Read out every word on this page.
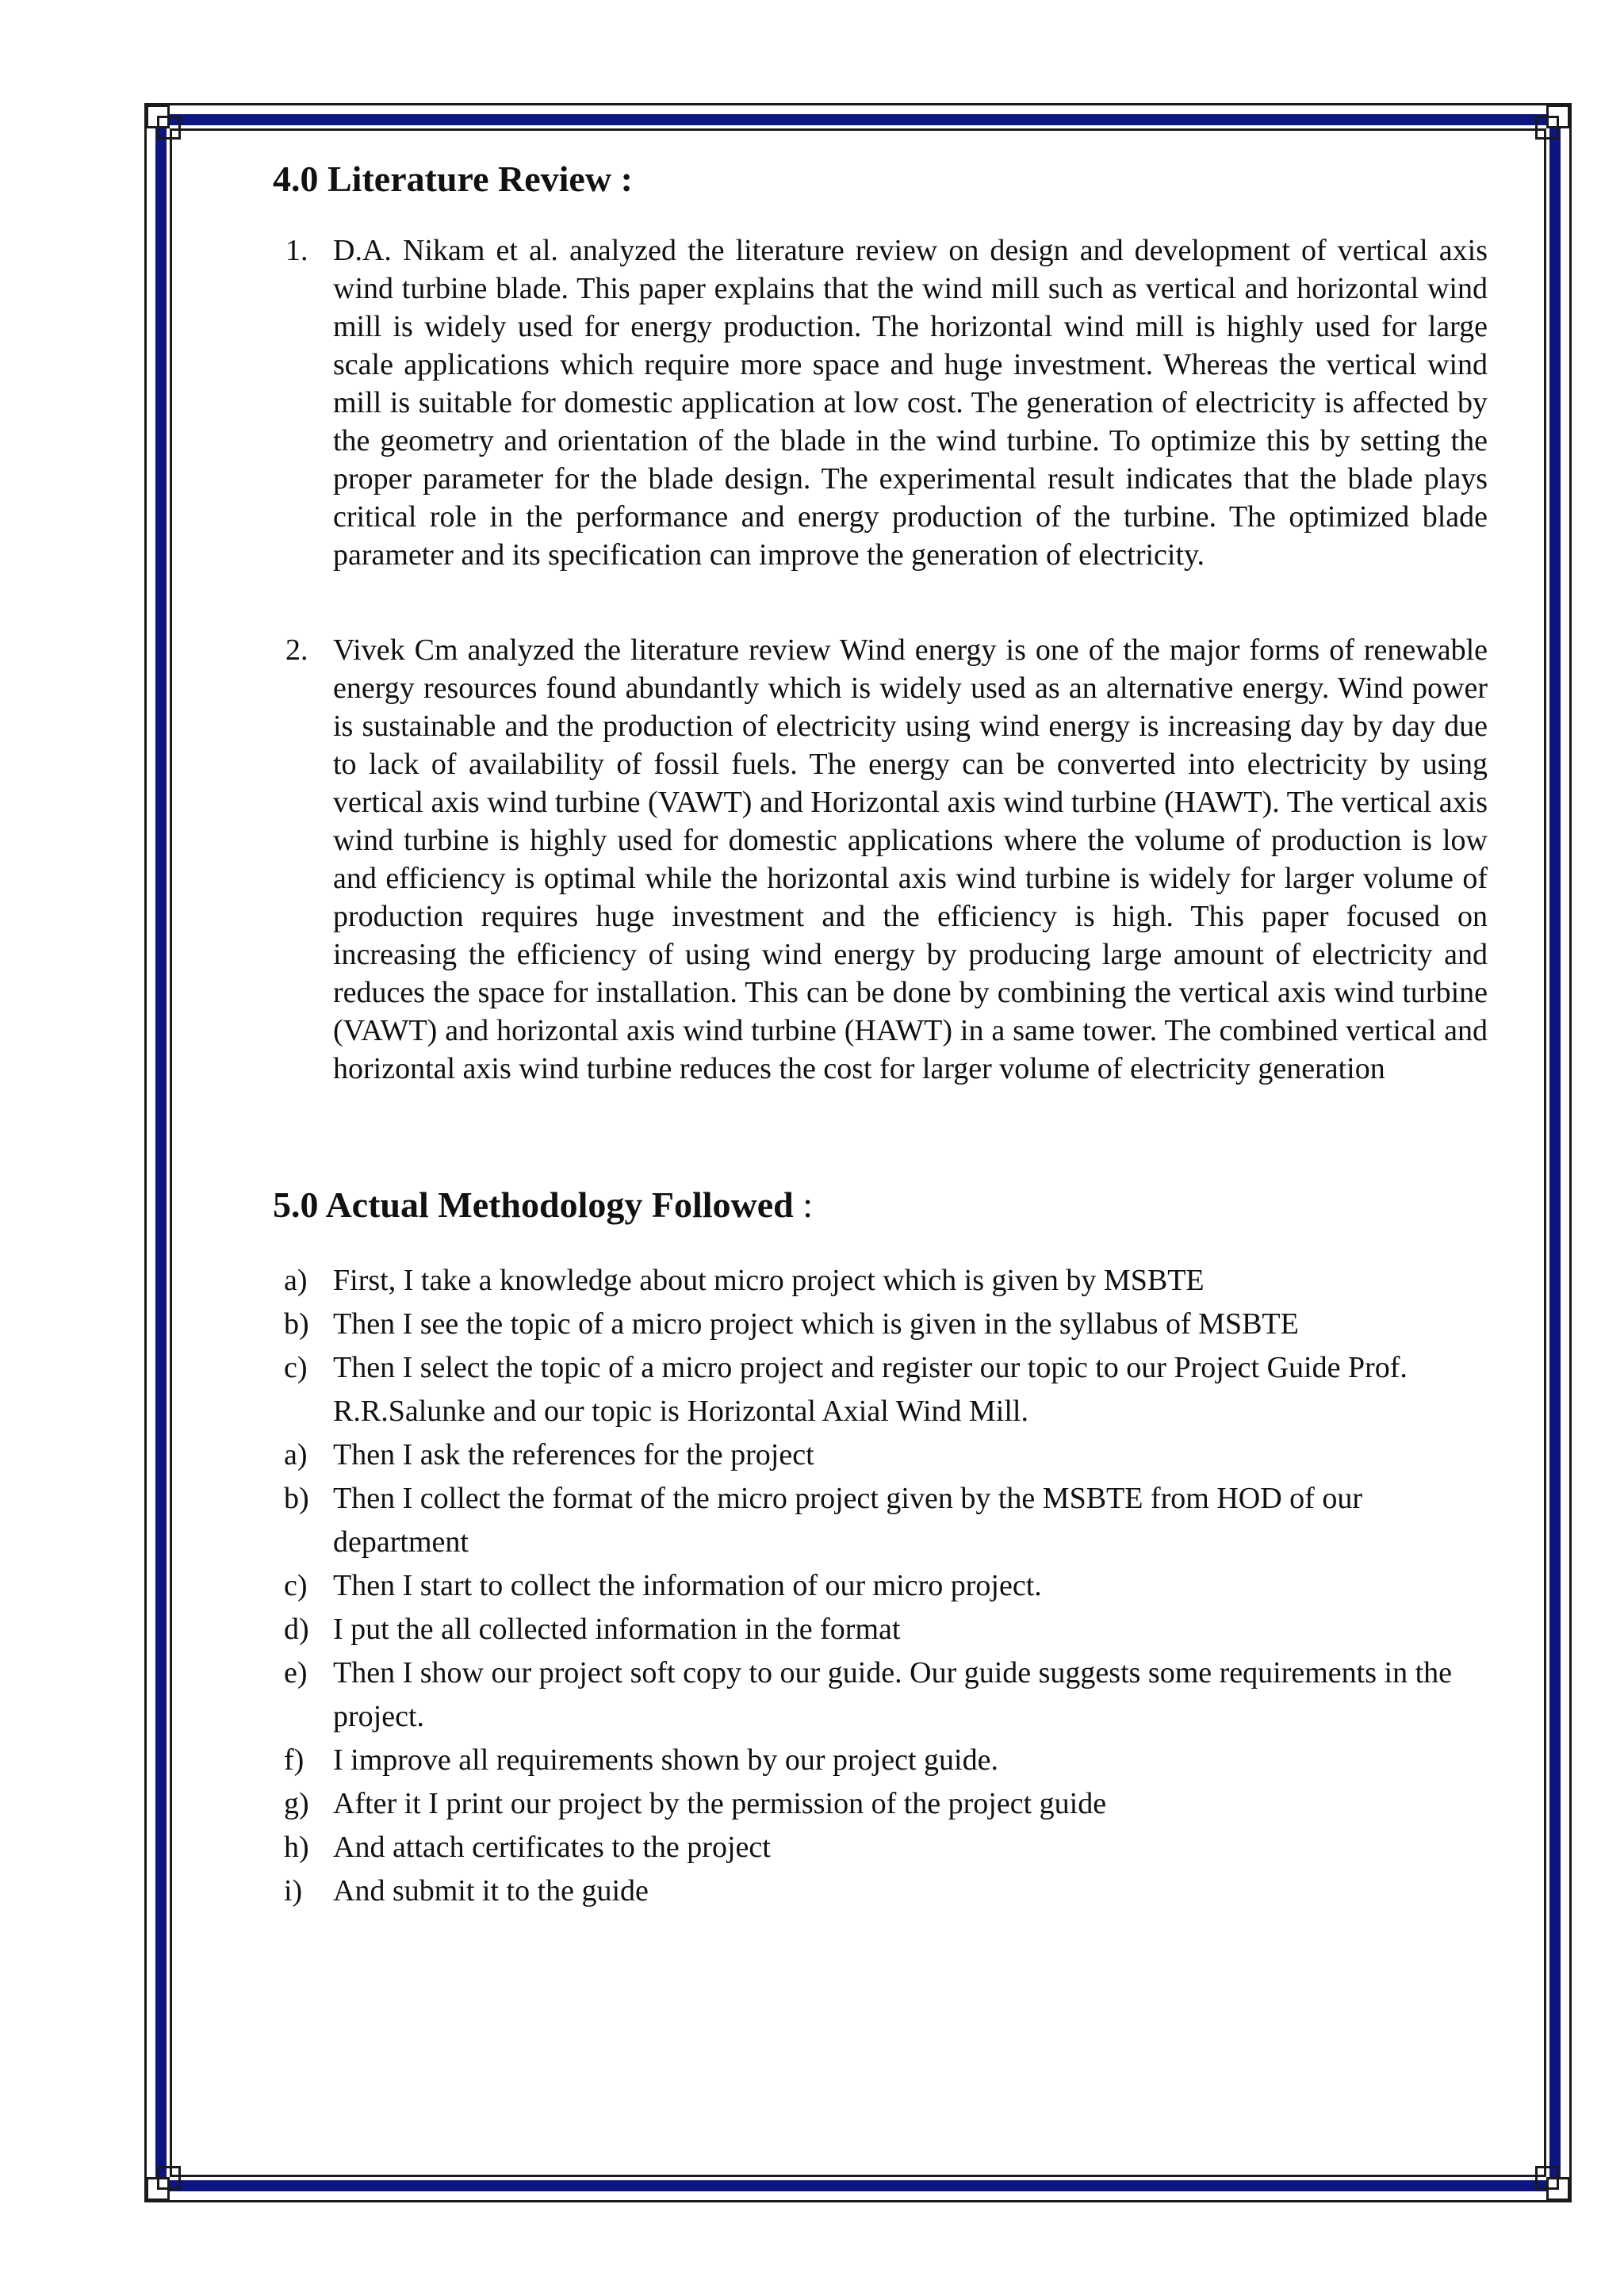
4.0 Literature Review :
1. D.A. Nikam et al. analyzed the literature review on design and development of vertical axis wind turbine blade. This paper explains that the wind mill such as vertical and horizontal wind mill is widely used for energy production. The horizontal wind mill is highly used for large scale applications which require more space and huge investment. Whereas the vertical wind mill is suitable for domestic application at low cost. The generation of electricity is affected by the geometry and orientation of the blade in the wind turbine. To optimize this by setting the proper parameter for the blade design. The experimental result indicates that the blade plays critical role in the performance and energy production of the turbine. The optimized blade parameter and its specification can improve the generation of electricity.
2. Vivek Cm analyzed the literature review Wind energy is one of the major forms of renewable energy resources found abundantly which is widely used as an alternative energy. Wind power is sustainable and the production of electricity using wind energy is increasing day by day due to lack of availability of fossil fuels. The energy can be converted into electricity by using vertical axis wind turbine (VAWT) and Horizontal axis wind turbine (HAWT). The vertical axis wind turbine is highly used for domestic applications where the volume of production is low and efficiency is optimal while the horizontal axis wind turbine is widely for larger volume of production requires huge investment and the efficiency is high. This paper focused on increasing the efficiency of using wind energy by producing large amount of electricity and reduces the space for installation. This can be done by combining the vertical axis wind turbine (VAWT) and horizontal axis wind turbine (HAWT) in a same tower. The combined vertical and horizontal axis wind turbine reduces the cost for larger volume of electricity generation
5.0 Actual Methodology Followed :
a) First, I take a knowledge about micro project which is given by MSBTE
b) Then I see the topic of a micro project which is given in the syllabus of MSBTE
c) Then I select the topic of a micro project and register our topic to our Project Guide Prof. R.R.Salunke and our topic is Horizontal Axial Wind Mill.
a) Then I ask the references for the project
b) Then I collect the format of the micro project given by the MSBTE from HOD of our department
c) Then I start to collect the information of our micro project.
d) I put the all collected information in the format
e) Then I show our project soft copy to our guide. Our guide suggests some requirements in the project.
f) I improve all requirements shown by our project guide.
g) After it I print our project by the permission of the project guide
h) And attach certificates to the project
i) And submit it to the guide
